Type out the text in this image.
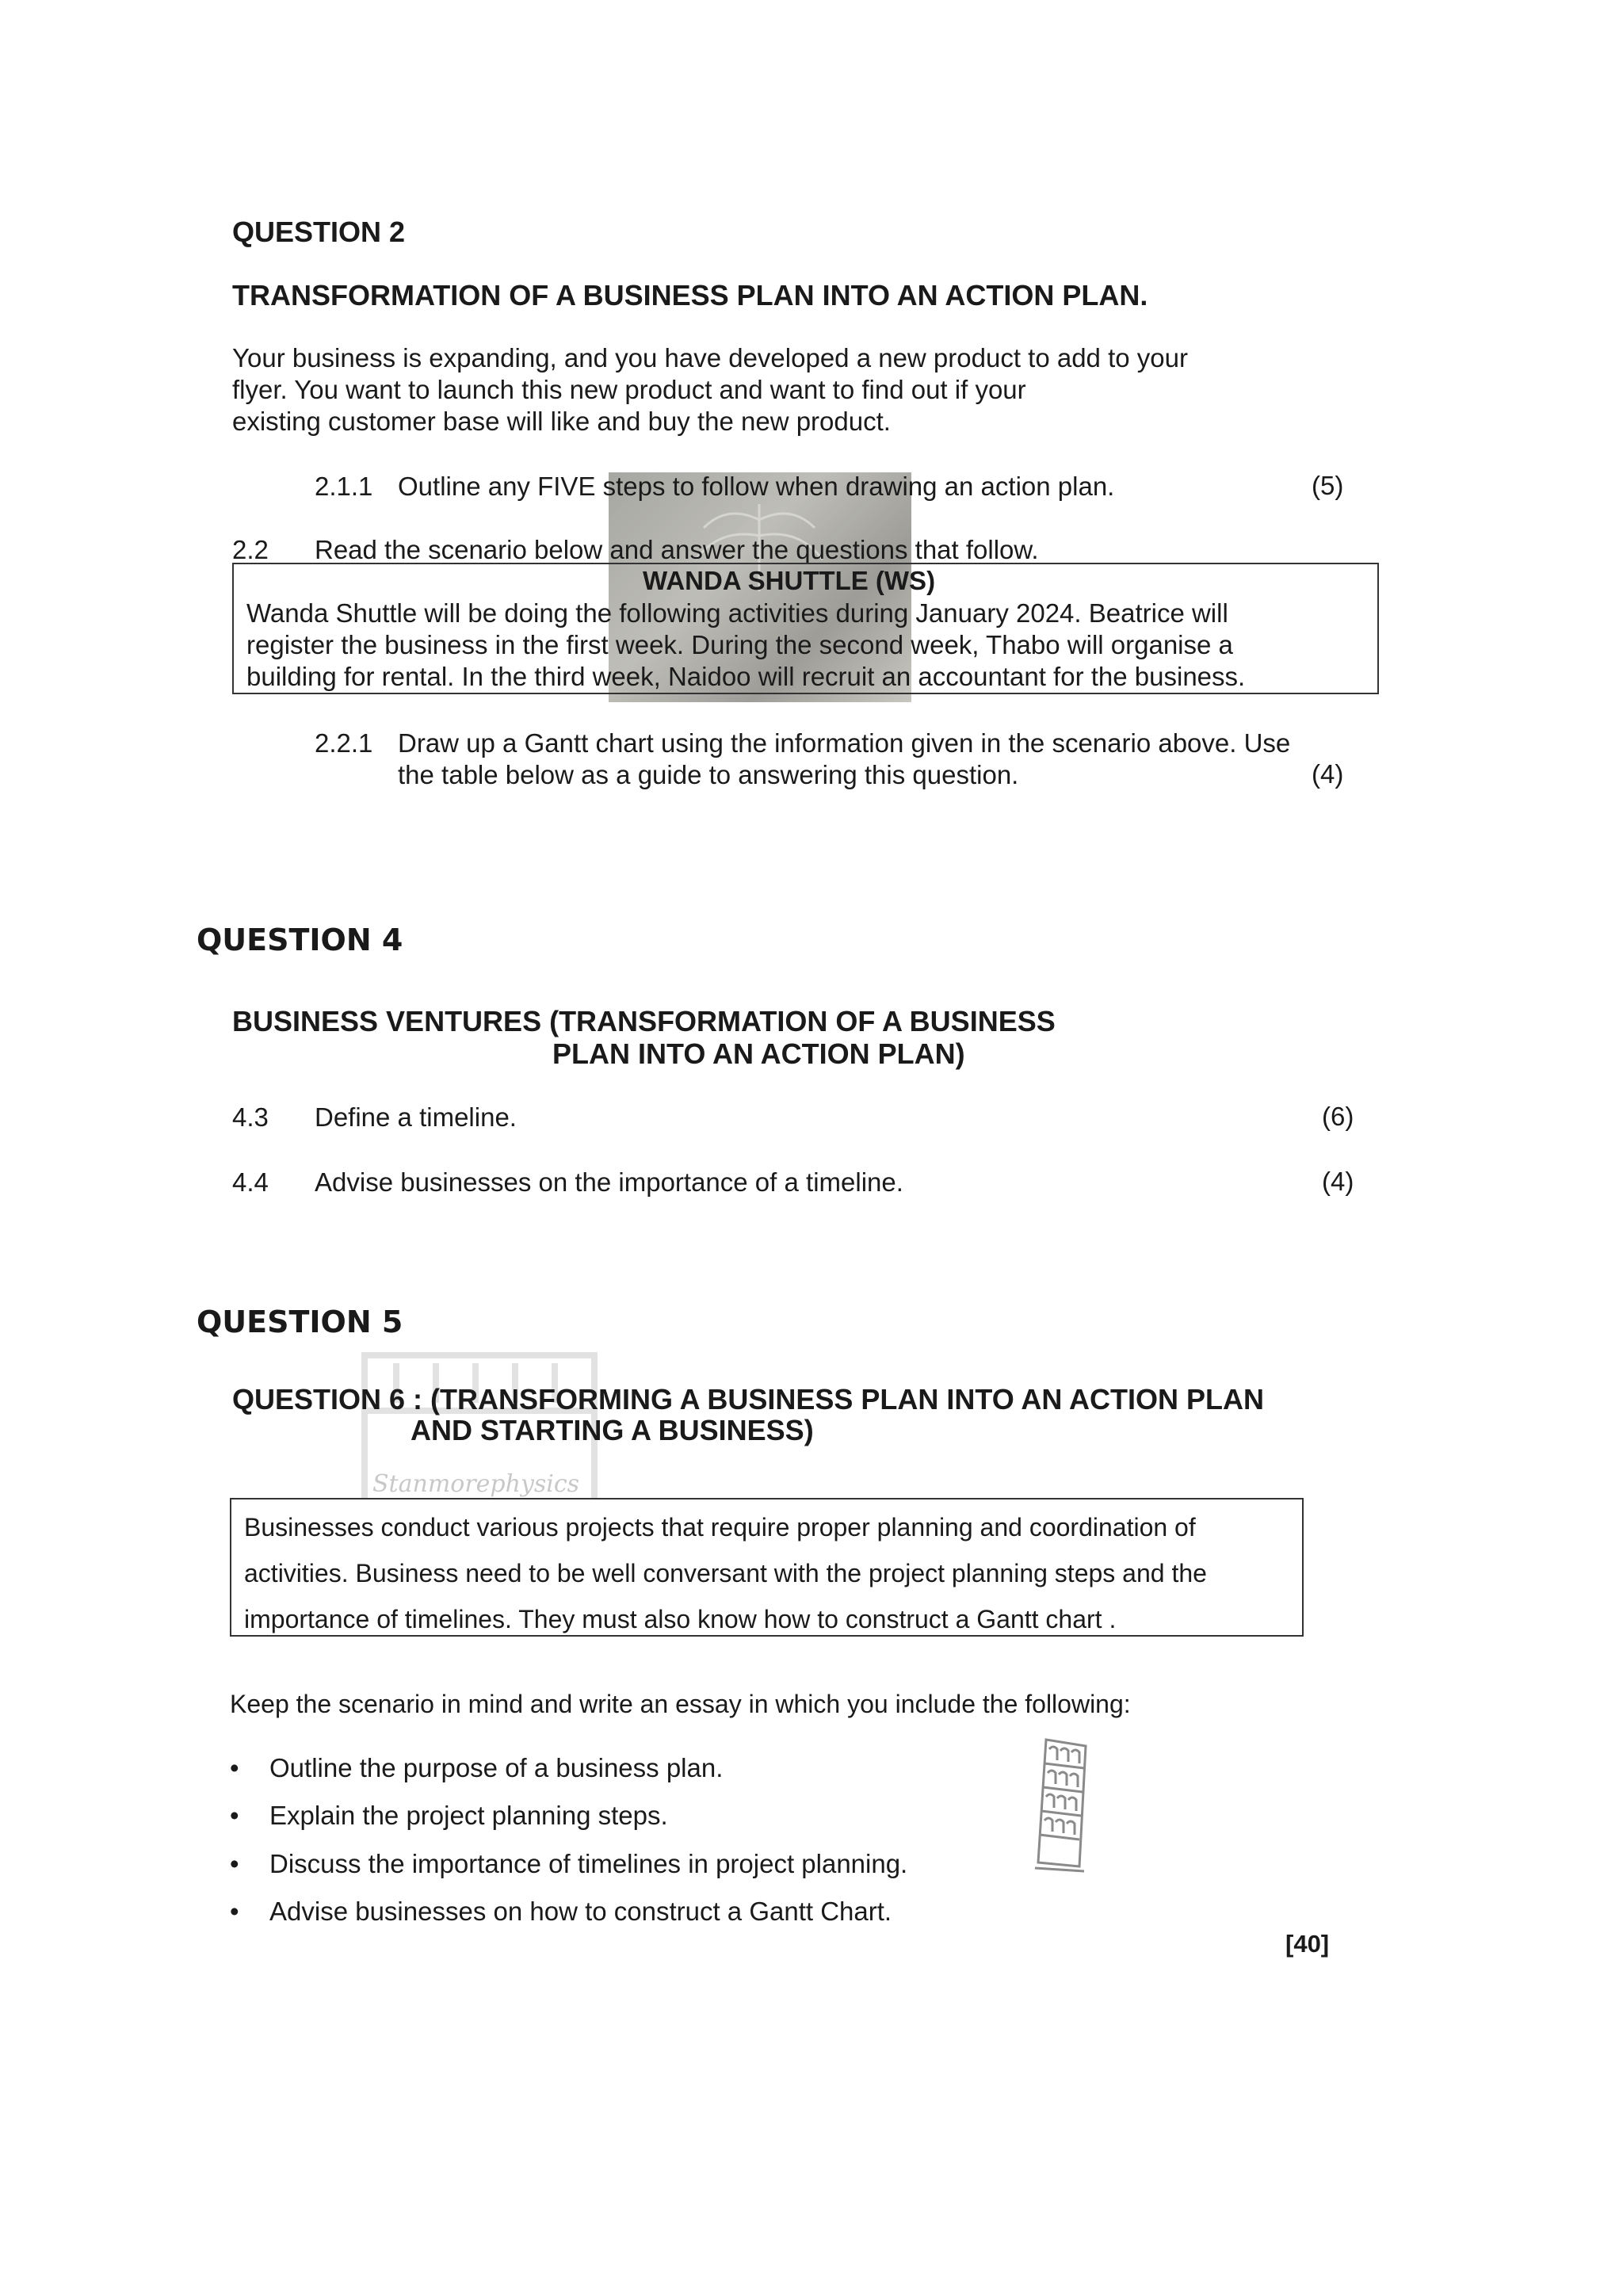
QUESTION 2
TRANSFORMATION OF A BUSINESS PLAN INTO AN ACTION PLAN.
Your business is expanding, and you have developed a new product to add to your
flyer. You want to launch this new product and want to find out if your
existing customer base will like and buy the new product.
2.1.1 Outline any FIVE steps to follow when drawing an action plan.	(5)
2.2 Read the scenario below and answer the questions that follow.
WANDA SHUTTLE (WS)
Wanda Shuttle will be doing the following activities during January 2024. Beatrice will
register the business in the first week. During the second week, Thabo will organise a
building for rental. In the third week, Naidoo will recruit an accountant for the business.
2.2.1 Draw up a Gantt chart using the information given in the scenario above. Use
the table below as a guide to answering this question.	(4)
QUESTION 4
BUSINESS VENTURES (TRANSFORMATION OF A BUSINESS
PLAN INTO AN ACTION PLAN)
4.3 Define a timeline.	(6)
4.4 Advise businesses on the importance of a timeline.	(4)
QUESTION 5
Stanmorephysics
QUESTION 6 : (TRANSFORMING A BUSINESS PLAN INTO AN ACTION PLAN
AND STARTING A BUSINESS)
Businesses conduct various projects that require proper planning and coordination of
activities. Business need to be well conversant with the project planning steps and the
importance of timelines. They must also know how to construct a Gantt chart .
Keep the scenario in mind and write an essay in which you include the following:
• Outline the purpose of a business plan.
• Explain the project planning steps.
• Discuss the importance of timelines in project planning.
• Advise businesses on how to construct a Gantt Chart.
[40]
